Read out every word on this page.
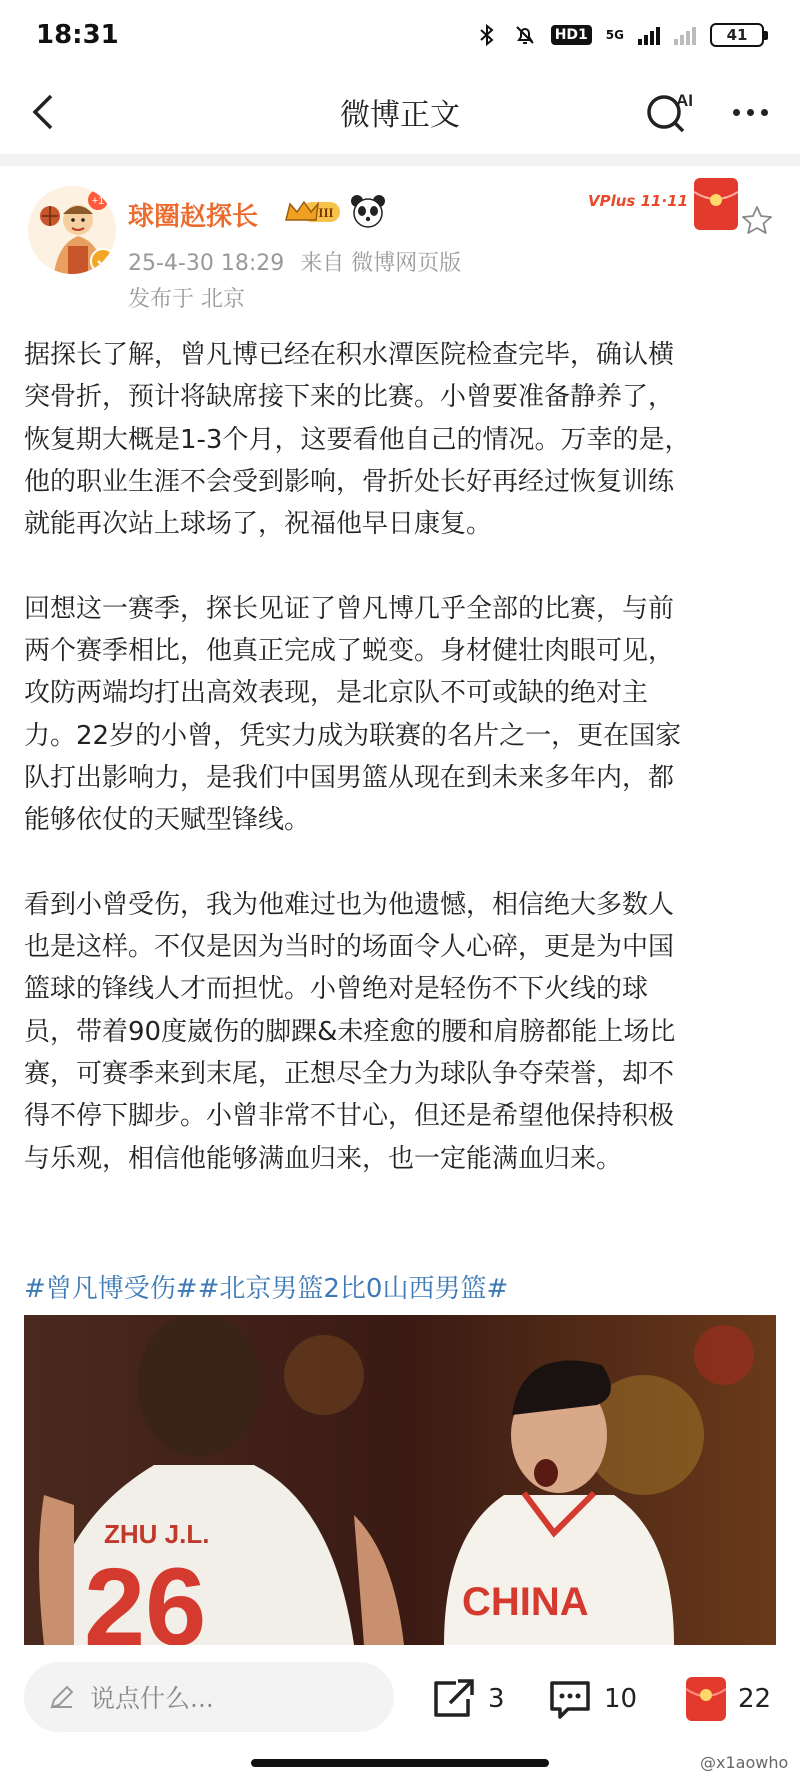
18:31	HD1	5G	41
微博正文	AI
+1
球圈赵探长	III
25-4-30 18:29 来自 微博网页版
发布于 北京
VPlus 11·11
据探长了解，曾凡博已经在积水潭医院检查完毕，确认横
突骨折，预计将缺席接下来的比赛。小曾要准备静养了，
恢复期大概是1-3个月，这要看他自己的情况。万幸的是，
他的职业生涯不会受到影响，骨折处长好再经过恢复训练
就能再次站上球场了，祝福他早日康复。
回想这一赛季，探长见证了曾凡博几乎全部的比赛，与前
两个赛季相比，他真正完成了蜕变。身材健壮肉眼可见，
攻防两端均打出高效表现，是北京队不可或缺的绝对主
力。22岁的小曾，凭实力成为联赛的名片之一，更在国家
队打出影响力，是我们中国男篮从现在到未来多年内，都
能够依仗的天赋型锋线。
看到小曾受伤，我为他难过也为他遗憾，相信绝大多数人
也是这样。不仅是因为当时的场面令人心碎，更是为中国
篮球的锋线人才而担忧。小曾绝对是轻伤不下火线的球
员，带着90度崴伤的脚踝&未痊愈的腰和肩膀都能上场比
赛，可赛季来到末尾，正想尽全力为球队争夺荣誉，却不
得不停下脚步。小曾非常不甘心，但还是希望他保持积极
与乐观，相信他能够满血归来，也一定能满血归来。
#曾凡博受伤##北京男篮2比0山西男篮#
ZHU J.L.
26	CHINA
说点什么...	3	10	22
@x1aowho
